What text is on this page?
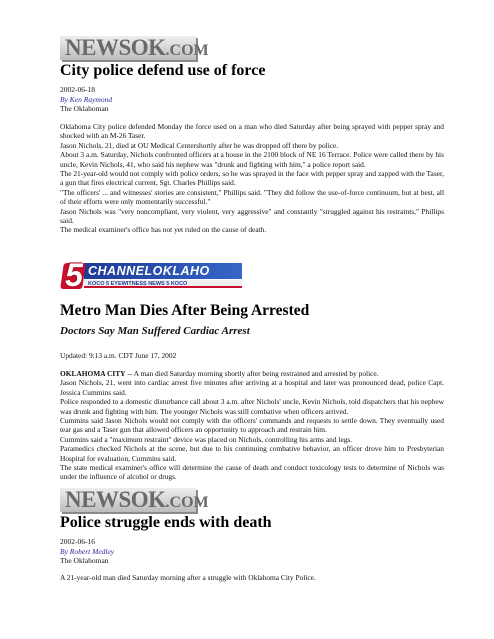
NEWSOK.COM
City police defend use of force
2002-06-18
By Ken Raymond
The Oklahoman

Oklahoma City police defended Monday the force used on a man who died Saturday after being sprayed with pepper spray and shocked with an M-26 Taser.

Jason Nichols, 21, died at OU Medical Centershortly after he was dropped off there by police.

About 3 a.m. Saturday, Nichols confronted officers at a house in the 2100 block of NE 16 Terrace. Police were called there by his uncle, Kevin Nichols, 41, who said his nephew was "drunk and fighting with him," a police report said.

The 21-year-old would not comply with police orders, so he was sprayed in the face with pepper spray and zapped with the Taser, a gun that fires electrical current, Sgt. Charles Phillips said.

"The officers' ... and witnesses' stories are consistent," Phillips said. "They did follow the use-of-force continuum, but at best, all of their efforts were only momentarily successful."

Jason Nichols was "very noncompliant, very violent, very aggressive" and constantly "struggled against his restraints," Phillips said.

The medical examiner's office has not yet ruled on the cause of death.

5 CHANNELOKLAHO
KOCO 5 EYEWITNESS NEWS 5 KOCO
Metro Man Dies After Being Arrested
Doctors Say Man Suffered Cardiac Arrest
Updated: 9:13 a.m. CDT June 17, 2002

OKLAHOMA CITY -- A man died Saturday morning shortly after being restrained and arrested by police.

Jason Nichols, 21, went into cardiac arrest five minutes after arriving at a hospital and later was pronounced dead, police Capt. Jessica Cummins said.

Police responded to a domestic disturbance call about 3 a.m. after Nichols' uncle, Kevin Nichols, told dispatchers that his nephew was drunk and fighting with him. The younger Nichols was still combative when officers arrived.

Cummins said Jason Nichols would not comply with the officers' commands and requests to settle down. They eventually used tear gas and a Taser gun that allowed officers an opportunity to approach and restrain him.

Cummins said a "maximum restraint" device was placed on Nichols, controlling his arms and legs.

Paramedics checked Nichols at the scene, but due to his continuing combative behavior, an officer drove him to Presbyterian Hospital for evaluation, Cummins said.

The state medical examiner's office will determine the cause of death and conduct toxicology tests to determine of Nichols was under the influence of alcohol or drugs.

NEWSOK.COM
Police struggle ends with death
2002-06-16
By Robert Medley
The Oklahoman

A 21-year-old man died Saturday morning after a struggle with Oklahoma City Police.
